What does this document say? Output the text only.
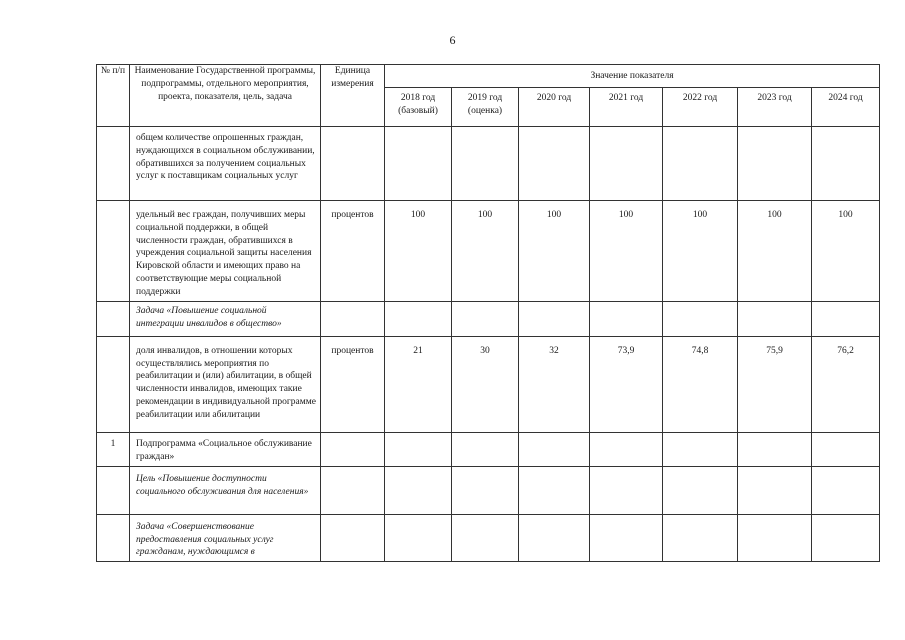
6
№ п/п	Наименование Государственной программы, подпрограммы, отдельного мероприятия, проекта, показателя, цель, задача	Единица измерения	Значение показателя						
			2018 год (базовый)	2019 год (оценка)	2020 год	2021 год	2022 год	2023 год	2024 год
	общем количестве опрошенных граждан, нуждающихся в социальном обслуживании, обратившихся за получением социальных услуг к поставщикам социальных услуг								
	удельный вес граждан, получивших меры социальной поддержки, в общей численности граждан, обратившихся в учреждения социальной защиты населения Кировской области и имеющих право на соответствующие меры социальной поддержки	процентов	100	100	100	100	100	100	100
	Задача «Повышение социальной интеграции инвалидов в общество»								
	доля инвалидов, в отношении которых осуществлялись мероприятия по реабилитации и (или) абилитации, в общей численности инвалидов, имеющих такие рекомендации в индивидуальной программе реабилитации или абилитации	процентов	21	30	32	73,9	74,8	75,9	76,2
1	Подпрограмма «Социальное обслуживание граждан»								
	Цель «Повышение доступности социального обслуживания для населения»								
	Задача «Совершенствование предоставления социальных услуг гражданам, нуждающимся в								
